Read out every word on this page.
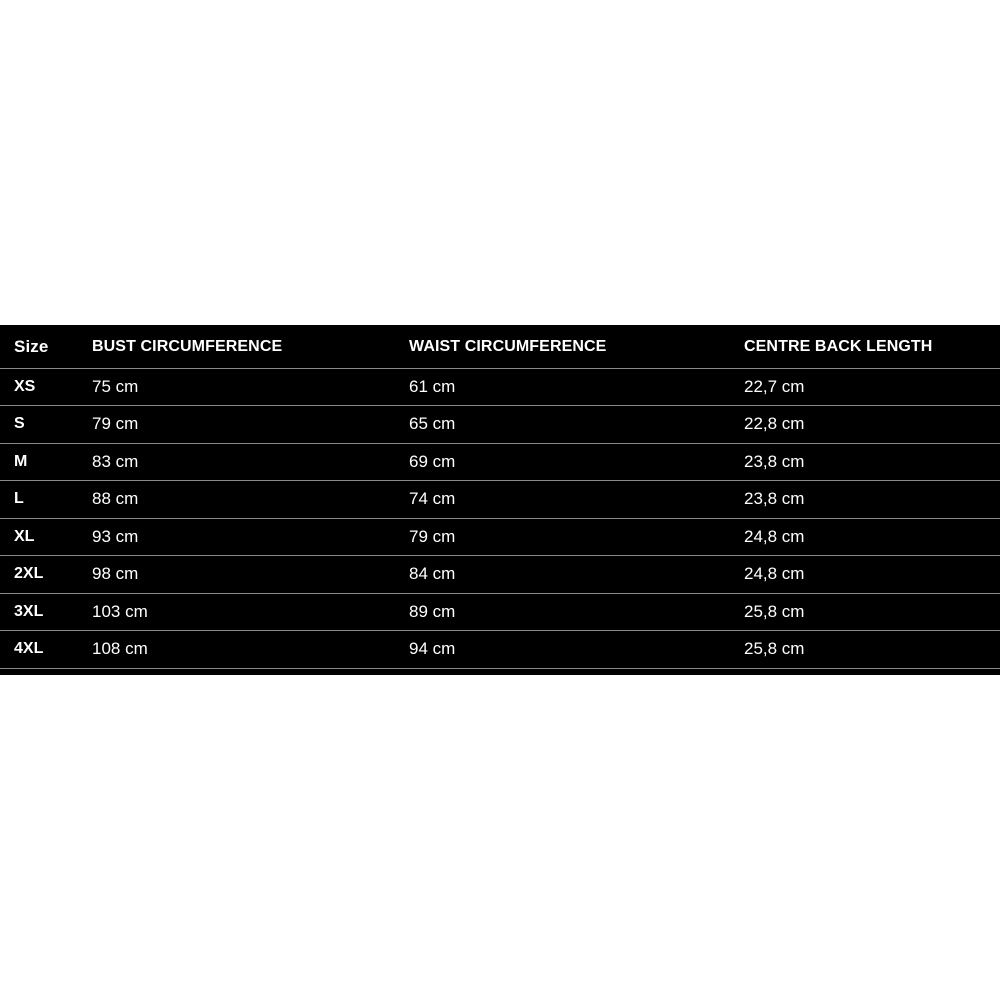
Size	BUST CIRCUMFERENCE	WAIST CIRCUMFERENCE	CENTRE BACK LENGTH
XS	75 cm	61 cm	22,7 cm
S	79 cm	65 cm	22,8 cm
M	83 cm	69 cm	23,8 cm
L	88 cm	74 cm	23,8 cm
XL	93 cm	79 cm	24,8 cm
2XL	98 cm	84 cm	24,8 cm
3XL	103 cm	89 cm	25,8 cm
4XL	108 cm	94 cm	25,8 cm
